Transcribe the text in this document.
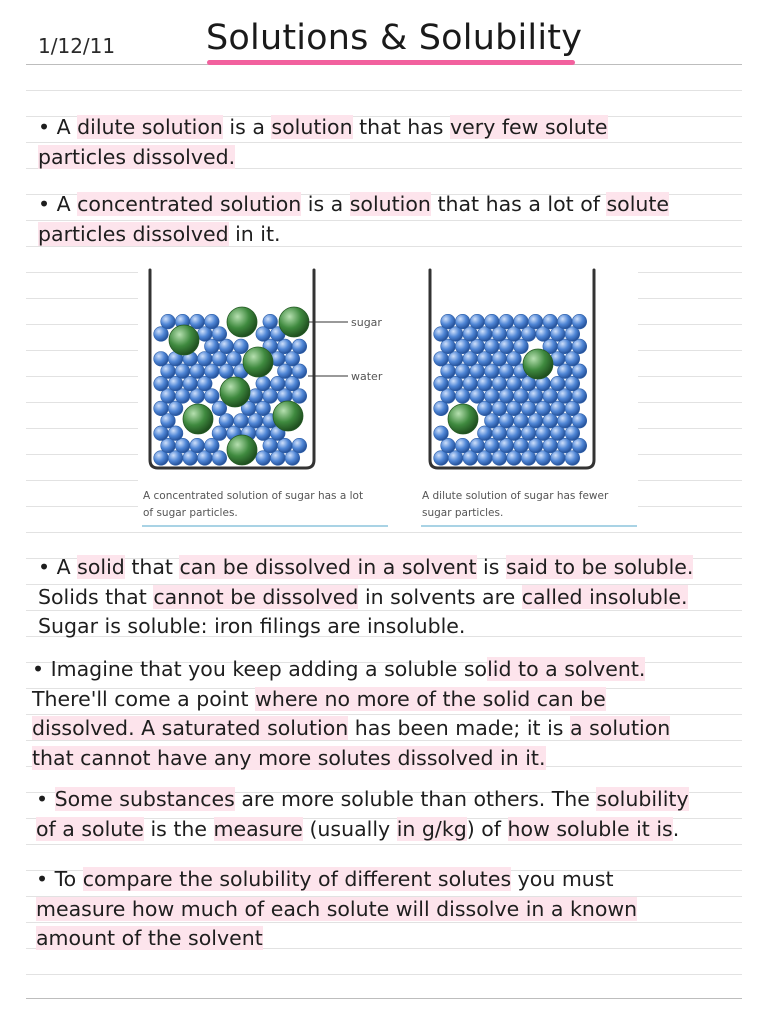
1/12/11	Solutions & Solubility
• A dilute solution is a solution that has very few solute
particles dissolved.
• A concentrated solution is a solution that has a lot of solute
particles dissolved in it.
sugar
water
A concentrated solution of sugar has a lot
of sugar particles.
A dilute solution of sugar has fewer
sugar particles.
• A solid that can be dissolved in a solvent is said to be soluble.
Solids that cannot be dissolved in solvents are called insoluble.
Sugar is soluble: iron filings are insoluble.
• Imagine that you keep adding a soluble solid to a solvent.
There'll come a point where no more of the solid can be
dissolved. A saturated solution has been made; it is a solution
that cannot have any more solutes dissolved in it.
• Some substances are more soluble than others. The solubility
of a solute is the measure (usually in g/kg) of how soluble it is.
• To compare the solubility of different solutes you must
measure how much of each solute will dissolve in a known
amount of the solvent
